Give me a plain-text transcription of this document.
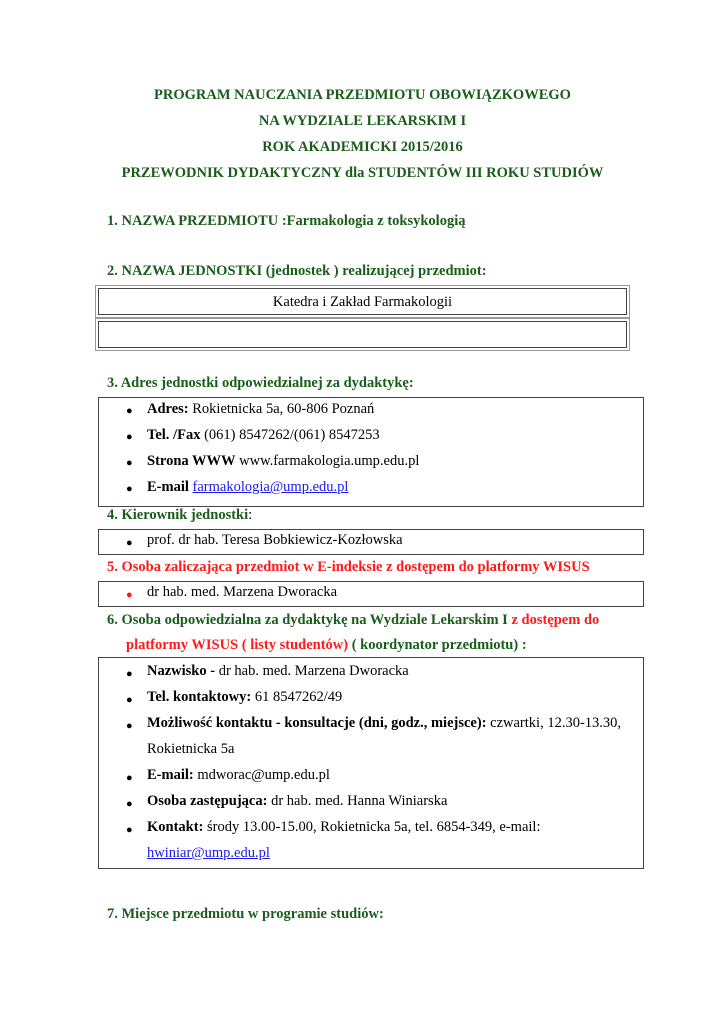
PROGRAM NAUCZANIA PRZEDMIOTU OBOWIĄZKOWEGO
NA WYDZIALE LEKARSKIM I
ROK AKADEMICKI 2015/2016
PRZEWODNIK DYDAKTYCZNY dla STUDENTÓW III ROKU STUDIÓW
1. NAZWA PRZEDMIOTU :Farmakologia z toksykologią
2. NAZWA JEDNOSTKI (jednostek ) realizującej przedmiot:
Katedra i Zakład Farmakologii
3. Adres jednostki odpowiedzialnej za dydaktykę:
● Adres: Rokietnicka 5a, 60-806 Poznań
● Tel. /Fax (061) 8547262/(061) 8547253
● Strona WWW www.farmakologia.ump.edu.pl
● E-mail farmakologia@ump.edu.pl
4. Kierownik jednostki:
● prof. dr hab. Teresa Bobkiewicz-Kozłowska
5. Osoba zaliczająca przedmiot w E-indeksie z dostępem do platformy WISUS
● dr hab. med. Marzena Dworacka
6. Osoba odpowiedzialna za dydaktykę na Wydziale Lekarskim I z dostępem do
platformy WISUS ( listy studentów) ( koordynator przedmiotu) :
● Nazwisko - dr hab. med. Marzena Dworacka
● Tel. kontaktowy: 61 8547262/49
● Możliwość kontaktu - konsultacje (dni, godz., miejsce): czwartki, 12.30-13.30,
Rokietnicka 5a
● E-mail: mdworac@ump.edu.pl
● Osoba zastępująca: dr hab. med. Hanna Winiarska
● Kontakt: środy 13.00-15.00, Rokietnicka 5a, tel. 6854-349, e-mail:
hwiniar@ump.edu.pl
7. Miejsce przedmiotu w programie studiów:
